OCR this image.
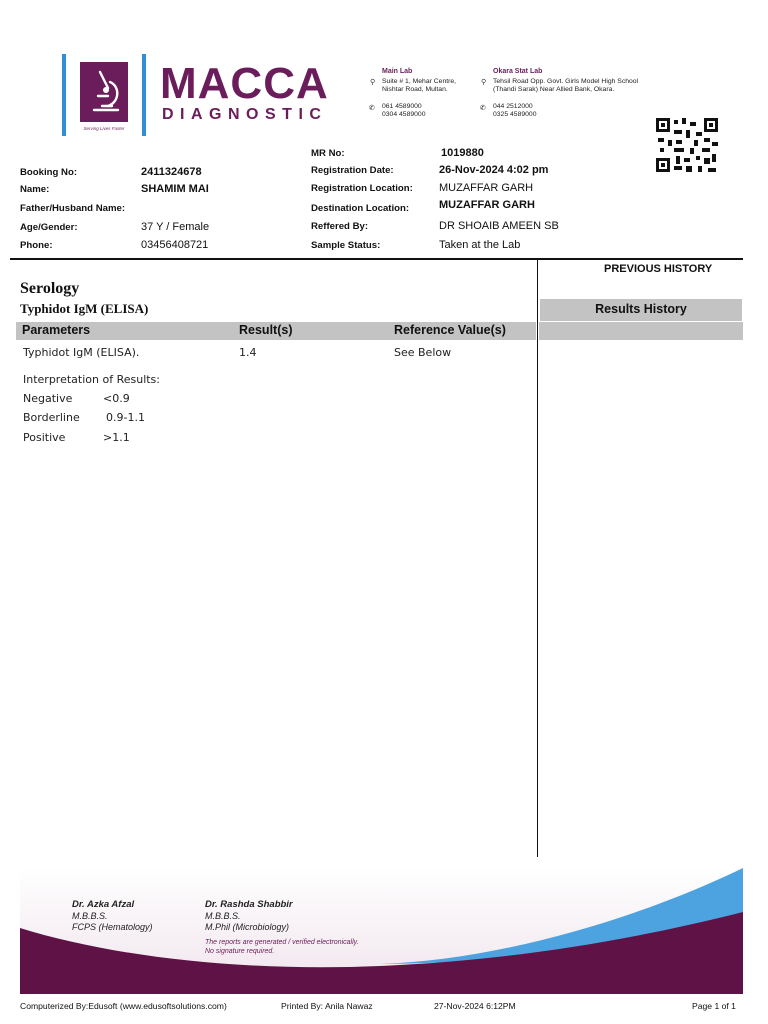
Serving Lives Faster
MACCA
DIAGNOSTIC
Main Lab
⚲ Suite # 1, Mehar Centre,
Nishtar Road, Multan.
✆ 061 4589000
0304 4589000
Okara Stat Lab
⚲ Tehsil Road Opp. Govt. Girls Model High School
(Thandi Sarak) Near Allied Bank, Okara.
✆ 044 2512000
0325 4589000
Booking No:	2411324678
Name:	SHAMIM MAI
Father/Husband Name:
Age/Gender:	37 Y / Female
Phone:	03456408721
MR No:	1019880
Registration Date:	26-Nov-2024 4:02 pm
Registration Location: MUZAFFAR GARH
Destination Location:	MUZAFFAR GARH
Reffered By:	DR SHOAIB AMEEN SB
Sample Status:	Taken at the Lab
Serology
Typhidot IgM (ELISA)
Parameters	Result(s)	Reference Value(s)
PREVIOUS HISTORY
Results History
Typhidot IgM (ELISA).	1.4	See Below
Interpretation of Results:
Negative	<0.9
Borderline 0.9-1.1
Positive	>1.1
Dr. Azka Afzal
M.B.B.S.
FCPS (Hematology)
Dr. Rashda Shabbir
M.B.B.S.
M.Phil (Microbiology)
The reports are generated / verified electronically.
No signature required.
Computerized By:Edusoft (www.edusoftsolutions.com)	Printed By: Anila Nawaz	27-Nov-2024 6:12PM	Page 1 of 1
